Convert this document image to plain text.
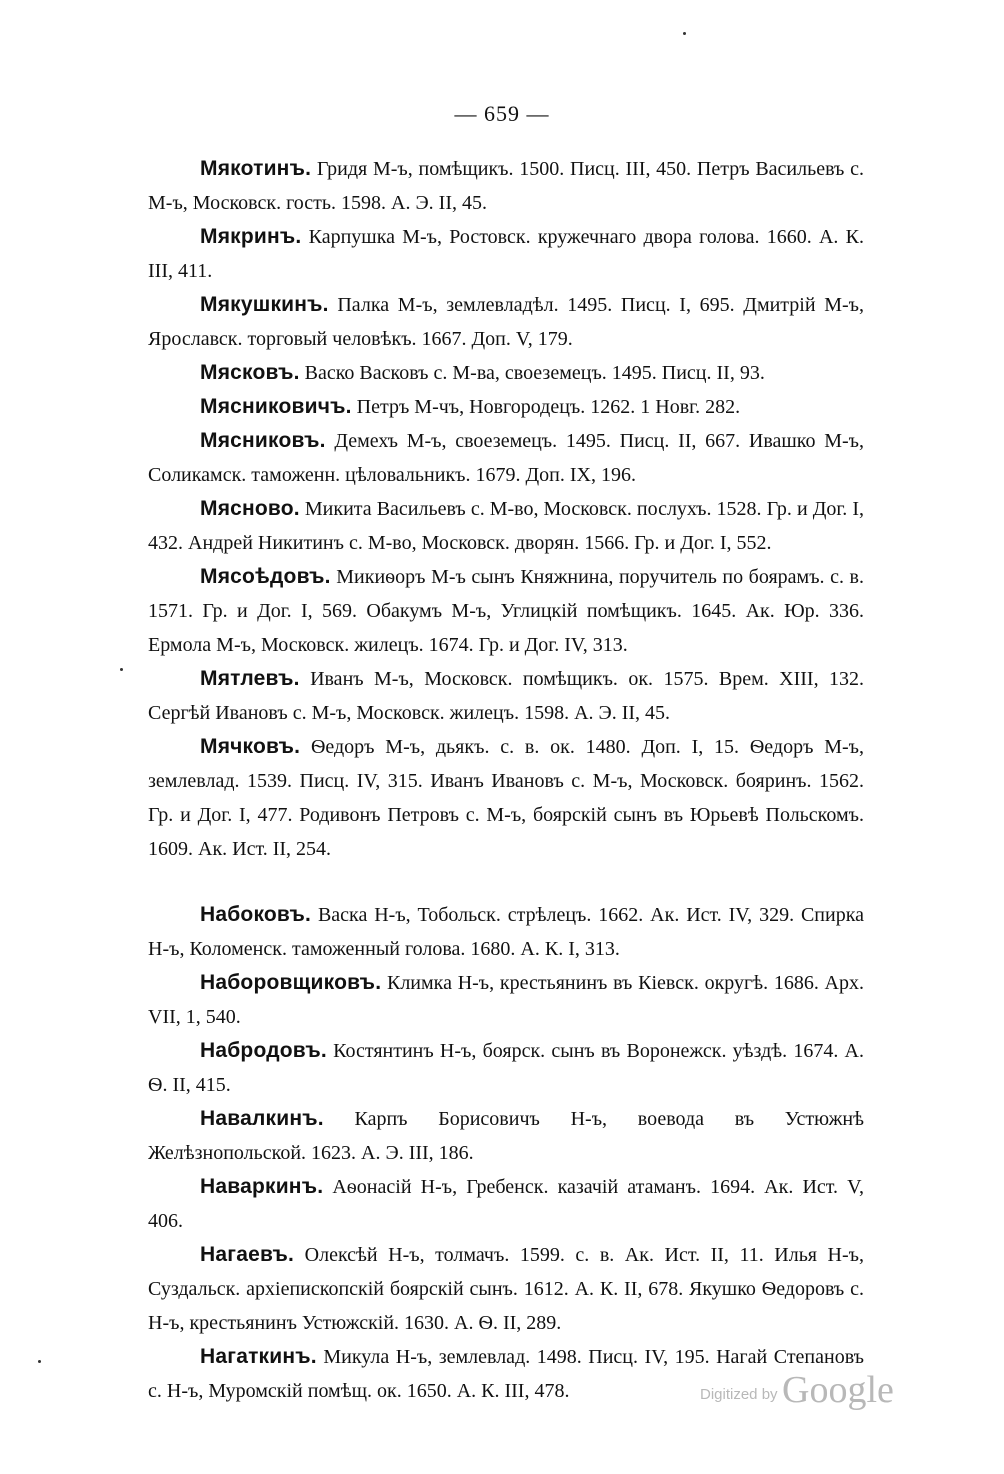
— 659 —

Мякотинъ. Гридя М-ъ, помѣщикъ. 1500. Писц. III, 450. Петръ Васильевъ с. М-ъ, Московск. гость. 1598. А. Э. II, 45.

Мякринъ. Карпушка М-ъ, Ростовск. кружечнаго двора голова. 1660. А. К. III, 411.

Мякушкинъ. Палка М-ъ, землевладѣл. 1495. Писц. I, 695. Дмитрiй М-ъ, Ярославск. торговый человѣкъ. 1667. Доп. V, 179.

Мясковъ. Васко Васковъ с. М-ва, своеземецъ. 1495. Писц. II, 93.

Мясниковичъ. Петръ М-чъ, Новгородецъ. 1262. 1 Новг. 282.

Мясниковъ. Демехъ М-ъ, своеземецъ. 1495. Писц. II, 667. Ивашко М-ъ, Соликамск. таможенн. цѣловальникъ. 1679. Доп. IX, 196.

Мясново. Микита Васильевъ с. М-во, Московск. послухъ. 1528. Гр. и Дог. I, 432. Андрей Никитинъ с. М-во, Московск. дворян. 1566. Гр. и Дог. I, 552.

Мясоѣдовъ. Микиѳоръ М-ъ сынъ Княжнина, поручитель по боярамъ. с. в. 1571. Гр. и Дог. I, 569. Обакумъ М-ъ, Углицкiй помѣщикъ. 1645. Ак. Юр. 336. Ермола М-ъ, Московск. жилецъ. 1674. Гр. и Дог. IV, 313.

Мятлевъ. Иванъ М-ъ, Московск. помѣщикъ. ок. 1575. Врем. XIII, 132. Сергѣй Ивановъ с. М-ъ, Московск. жилецъ. 1598. А. Э. II, 45.

Мячковъ. Ѳедоръ М-ъ, дьякъ. с. в. ок. 1480. Доп. I, 15. Ѳедоръ М-ъ, землевлад. 1539. Писц. IV, 315. Иванъ Ивановъ с. М-ъ, Московск. бояринъ. 1562. Гр. и Дог. I, 477. Родивонъ Петровъ с. М-ъ, боярскiй сынъ въ Юрьевѣ Польскомъ. 1609. Ак. Ист. II, 254.

Набоковъ. Васка Н-ъ, Тобольск. стрѣлецъ. 1662. Ак. Ист. IV, 329. Спирка Н-ъ, Коломенск. таможенный голова. 1680. А. К. I, 313.

Наборовщиковъ. Климка Н-ъ, крестьянинъ въ Кiевск. округѣ. 1686. Арх. VII, 1, 540.

Набродовъ. Костянтинъ Н-ъ, боярск. сынъ въ Воронежск. уѣздѣ. 1674. А. Ѳ. II, 415.

Навалкинъ. Карпъ Борисовичъ Н-ъ, воевода въ Устюжнѣ Желѣзнопольской. 1623. А. Э. III, 186.

Наваркинъ. Аѳонасiй Н-ъ, Гребенск. казачiй атаманъ. 1694. Ак. Ист. V, 406.

Нагаевъ. Олексѣй Н-ъ, толмачъ. 1599. с. в. Ак. Ист. II, 11. Илья Н-ъ, Суздальск. архiепископскiй боярскiй сынъ. 1612. А. К. II, 678. Якушко Ѳедоровъ с. Н-ъ, крестьянинъ Устюжскiй. 1630. А. Ѳ. II, 289.

Нагаткинъ. Микула Н-ъ, землевлад. 1498. Писц. IV, 195. Нагай Степановъ с. Н-ъ, Муромскiй помѣщ. ок. 1650. А. К. III, 478.	Digitized by Google
